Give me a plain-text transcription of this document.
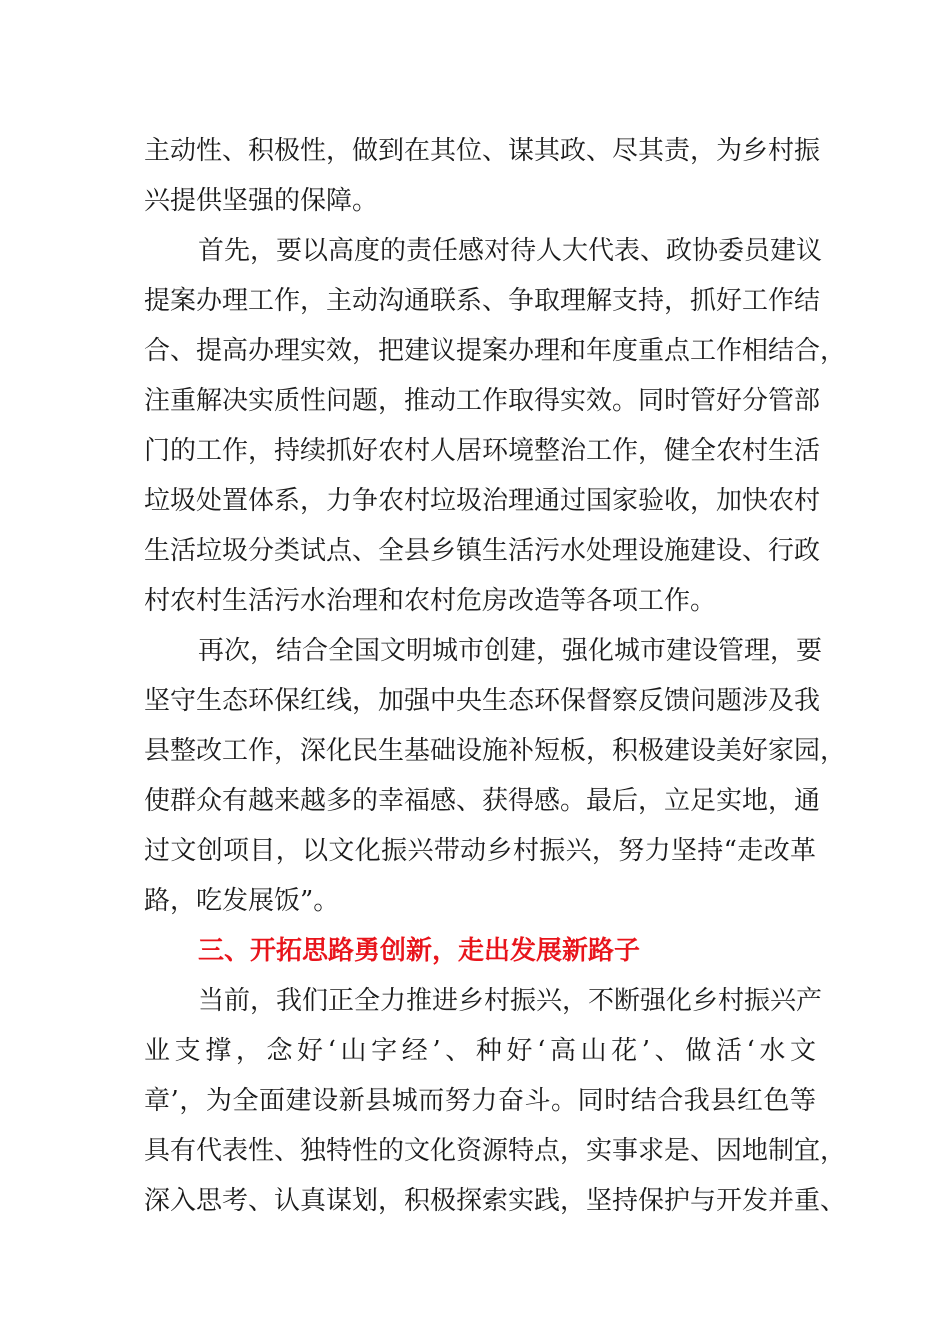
主动性、积极性，做到在其位、谋其政、尽其责，为乡村振
兴提供坚强的保障。
首先，要以高度的责任感对待人大代表、政协委员建议
提案办理工作，主动沟通联系、争取理解支持，抓好工作结
合、提高办理实效，把建议提案办理和年度重点工作相结合，
注重解决实质性问题，推动工作取得实效。同时管好分管部
门的工作，持续抓好农村人居环境整治工作，健全农村生活
垃圾处置体系，力争农村垃圾治理通过国家验收，加快农村
生活垃圾分类试点、全县乡镇生活污水处理设施建设、行政
村农村生活污水治理和农村危房改造等各项工作。
再次，结合全国文明城市创建，强化城市建设管理，要
坚守生态环保红线，加强中央生态环保督察反馈问题涉及我
县整改工作，深化民生基础设施补短板，积极建设美好家园，
使群众有越来越多的幸福感、获得感。最后，立足实地，通
过文创项目，以文化振兴带动乡村振兴，努力坚持“走改革
路，吃发展饭”。
三、开拓思路勇创新，走出发展新路子
当前，我们正全力推进乡村振兴，不断强化乡村振兴产
业支撑，念好‘山字经’、种好‘高山花’、做活‘水文
章’，为全面建设新县城而努力奋斗。同时结合我县红色等
具有代表性、独特性的文化资源特点，实事求是、因地制宜，
深入思考、认真谋划，积极探索实践，坚持保护与开发并重、
